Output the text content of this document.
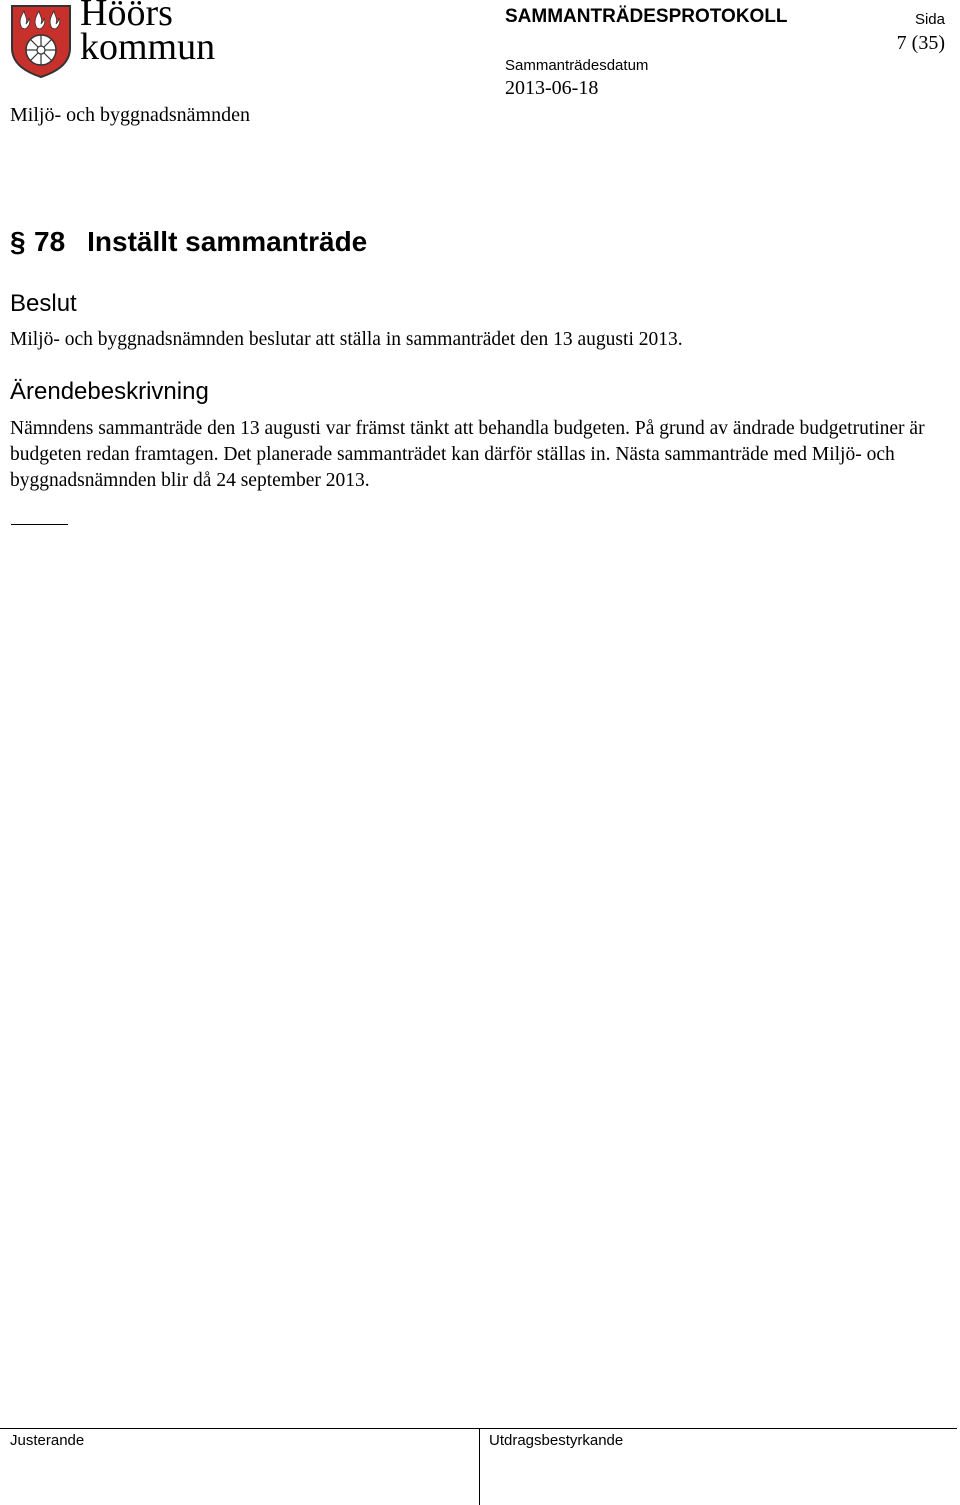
Höörs
kommun
Miljö- och byggnadsnämnden
SAMMANTRÄDESPROTOKOLL
Sammanträdesdatum
2013-06-18
Sida
7 (35)
§ 78 Inställt sammanträde
Beslut
Miljö- och byggnadsnämnden beslutar att ställa in sammanträdet den 13 augusti 2013.
Ärendebeskrivning
Nämndens sammanträde den 13 augusti var främst tänkt att behandla budgeten. På grund av ändrade budgetrutiner är budgeten redan framtagen. Det planerade sammanträdet kan därför ställas in. Nästa sammanträde med Miljö- och byggnadsnämnden blir då 24 september 2013.
Justerande	Utdragsbestyrkande
